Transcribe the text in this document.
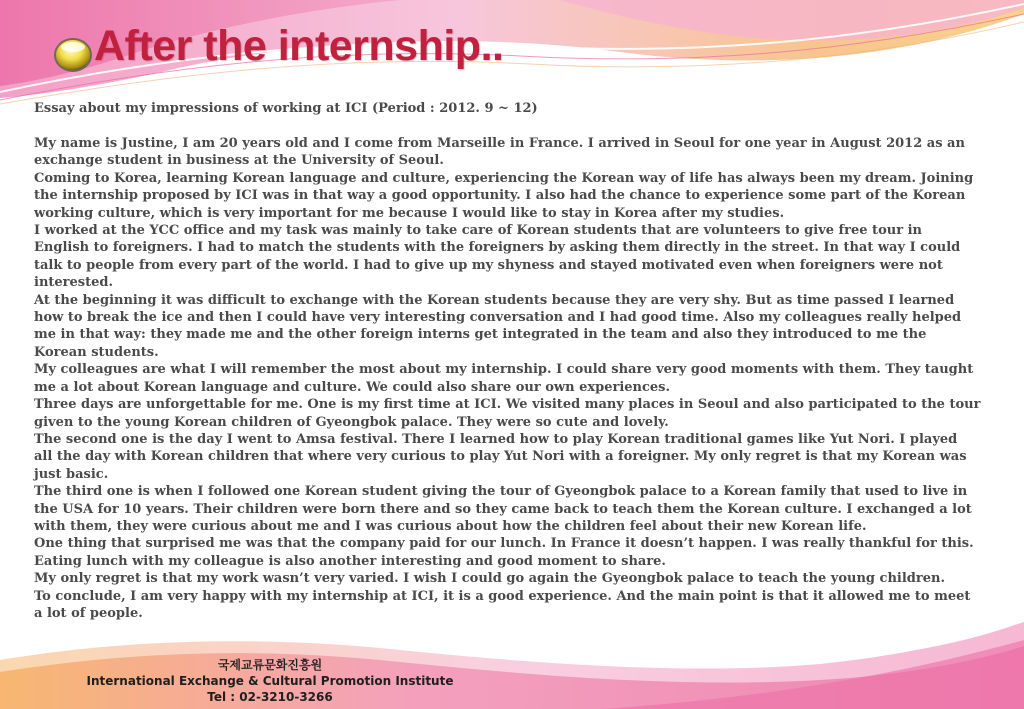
After the internship..

Essay about my impressions of working at ICI (Period : 2012. 9 ~ 12)

My name is Justine, I am 20 years old and I come from Marseille in France. I arrived in Seoul for one year in August 2012 as an
exchange student in business at the University of Seoul.
Coming to Korea, learning Korean language and culture, experiencing the Korean way of life has always been my dream. Joining
the internship proposed by ICI was in that way a good opportunity. I also had the chance to experience some part of the Korean
working culture, which is very important for me because I would like to stay in Korea after my studies.
I worked at the YCC office and my task was mainly to take care of Korean students that are volunteers to give free tour in
English to foreigners. I had to match the students with the foreigners by asking them directly in the street. In that way I could
talk to people from every part of the world. I had to give up my shyness and stayed motivated even when foreigners were not
interested.
At the beginning it was difficult to exchange with the Korean students because they are very shy. But as time passed I learned
how to break the ice and then I could have very interesting conversation and I had good time. Also my colleagues really helped
me in that way: they made me and the other foreign interns get integrated in the team and also they introduced to me the
Korean students.
My colleagues are what I will remember the most about my internship. I could share very good moments with them. They taught
me a lot about Korean language and culture. We could also share our own experiences.
Three days are unforgettable for me. One is my first time at ICI. We visited many places in Seoul and also participated to the tour
given to the young Korean children of Gyeongbok palace. They were so cute and lovely.
The second one is the day I went to Amsa festival. There I learned how to play Korean traditional games like Yut Nori. I played
all the day with Korean children that where very curious to play Yut Nori with a foreigner. My only regret is that my Korean was
just basic.
The third one is when I followed one Korean student giving the tour of Gyeongbok palace to a Korean family that used to live in
the USA for 10 years. Their children were born there and so they came back to teach them the Korean culture. I exchanged a lot
with them, they were curious about me and I was curious about how the children feel about their new Korean life.
One thing that surprised me was that the company paid for our lunch. In France it doesn’t happen. I was really thankful for this.
Eating lunch with my colleague is also another interesting and good moment to share.
My only regret is that my work wasn’t very varied. I wish I could go again the Gyeongbok palace to teach the young children.
To conclude, I am very happy with my internship at ICI, it is a good experience. And the main point is that it allowed me to meet
a lot of people.
국제교류문화진흥원
International Exchange & Cultural Promotion Institute
Tel : 02-3210-3266
